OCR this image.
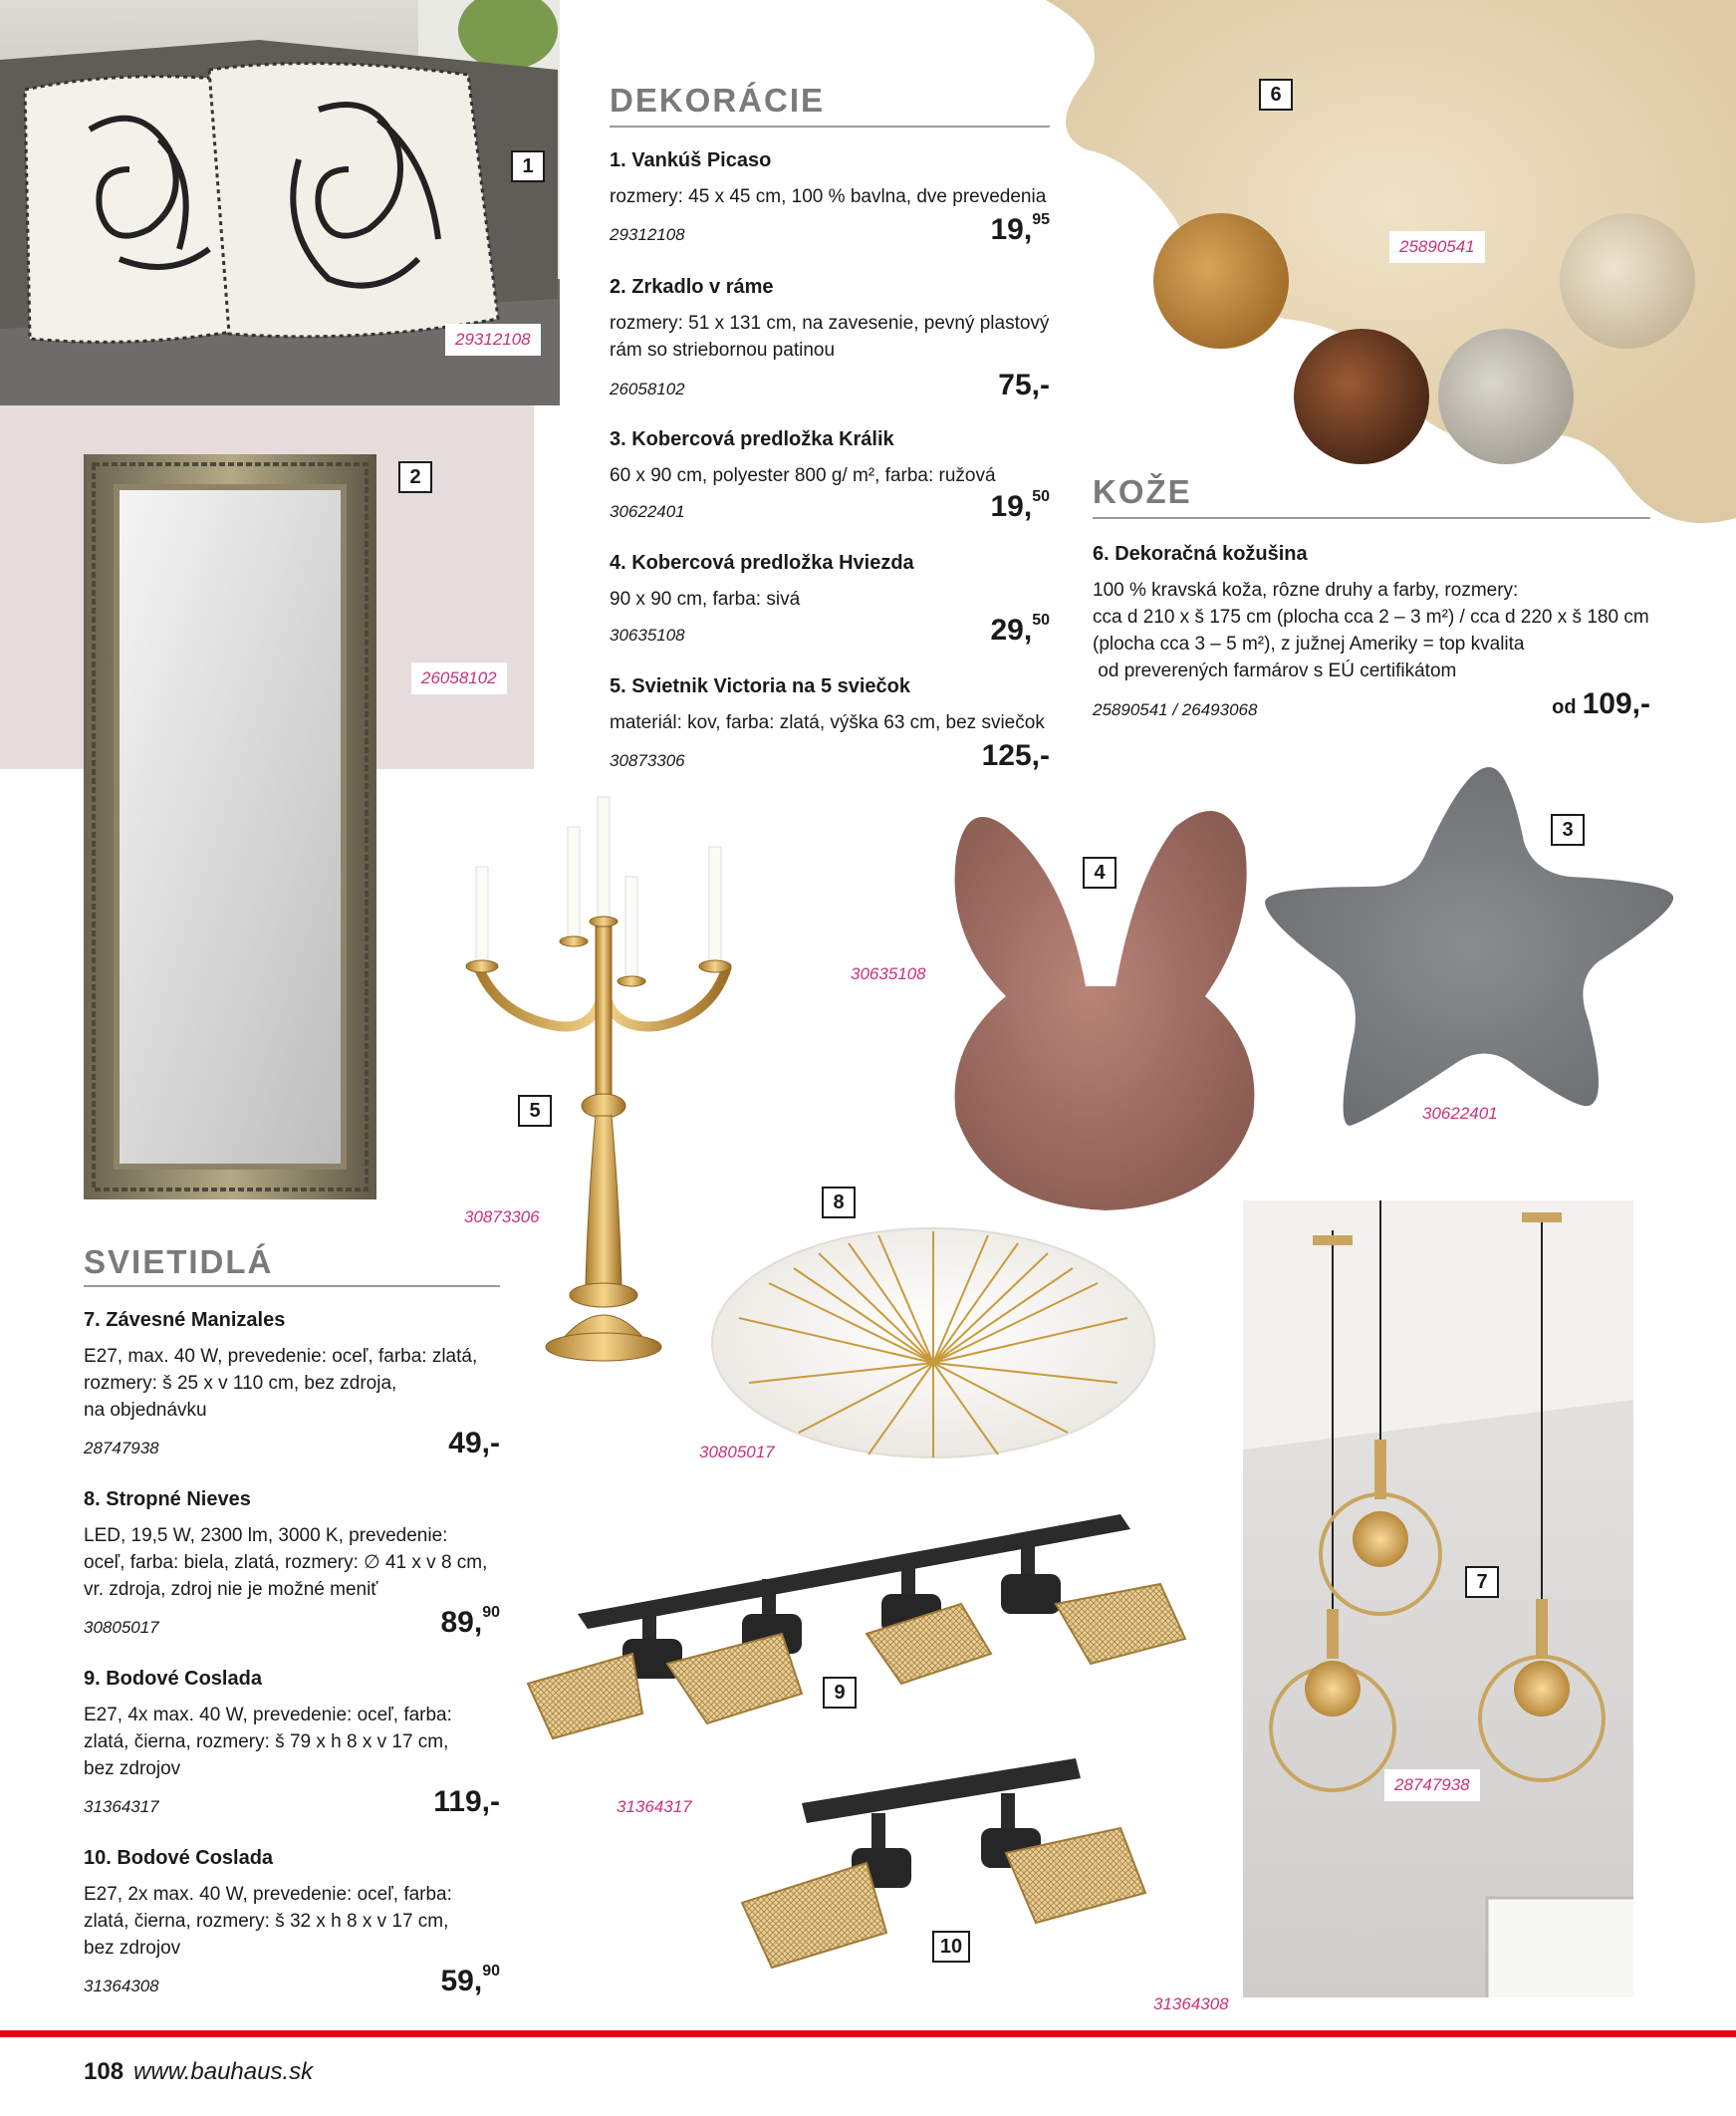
29312108
26058102
25890541
30635108
30622401
30873306
30805017
31364317
31364308
28747938
1
2
3
4
5
6
7
8
9
10
DEKORÁCIE
1. Vankúš Picaso
rozmery: 45 x 45 cm, 100 % bavlna, dve prevedenia
29312108	19,95
2. Zrkadlo v ráme
rozmery: 51 x 131 cm, na zavesenie, pevný plastový
rám so striebornou patinou
26058102	75,-
3. Kobercová predložka Králik
60 x 90 cm, polyester 800 g/ m², farba: ružová
30622401	19,50
4. Kobercová predložka Hviezda
90 x 90 cm, farba: sivá
30635108	29,50
5. Svietnik Victoria na 5 sviečok
materiál: kov, farba: zlatá, výška 63 cm, bez sviečok
30873306	125,-
KOŽE
6. Dekoračná kožušina
100 % kravská koža, rôzne druhy a farby, rozmery:
cca d 210 x š 175 cm (plocha cca 2 – 3 m²) / cca d 220 x š 180 cm
(plocha cca 3 – 5 m²), z južnej Ameriky = top kvalita
od preverených farmárov s EÚ certifikátom
25890541 / 26493068	od 109,-
SVIETIDLÁ
7. Závesné Manizales
E27, max. 40 W, prevedenie: oceľ, farba: zlatá,
rozmery: š 25 x v 110 cm, bez zdroja,
na objednávku
28747938	49,-
8. Stropné Nieves
LED, 19,5 W, 2300 lm, 3000 K, prevedenie:
oceľ, farba: biela, zlatá, rozmery: ∅ 41 x v 8 cm,
vr. zdroja, zdroj nie je možné meniť
30805017	89,90
9. Bodové Coslada
E27, 4x max. 40 W, prevedenie: oceľ, farba:
zlatá, čierna, rozmery: š 79 x h 8 x v 17 cm,
bez zdrojov
31364317	119,-
10. Bodové Coslada
E27, 2x max. 40 W, prevedenie: oceľ, farba:
zlatá, čierna, rozmery: š 32 x h 8 x v 17 cm,
bez zdrojov
31364308	59,90
108 www.bauhaus.sk
